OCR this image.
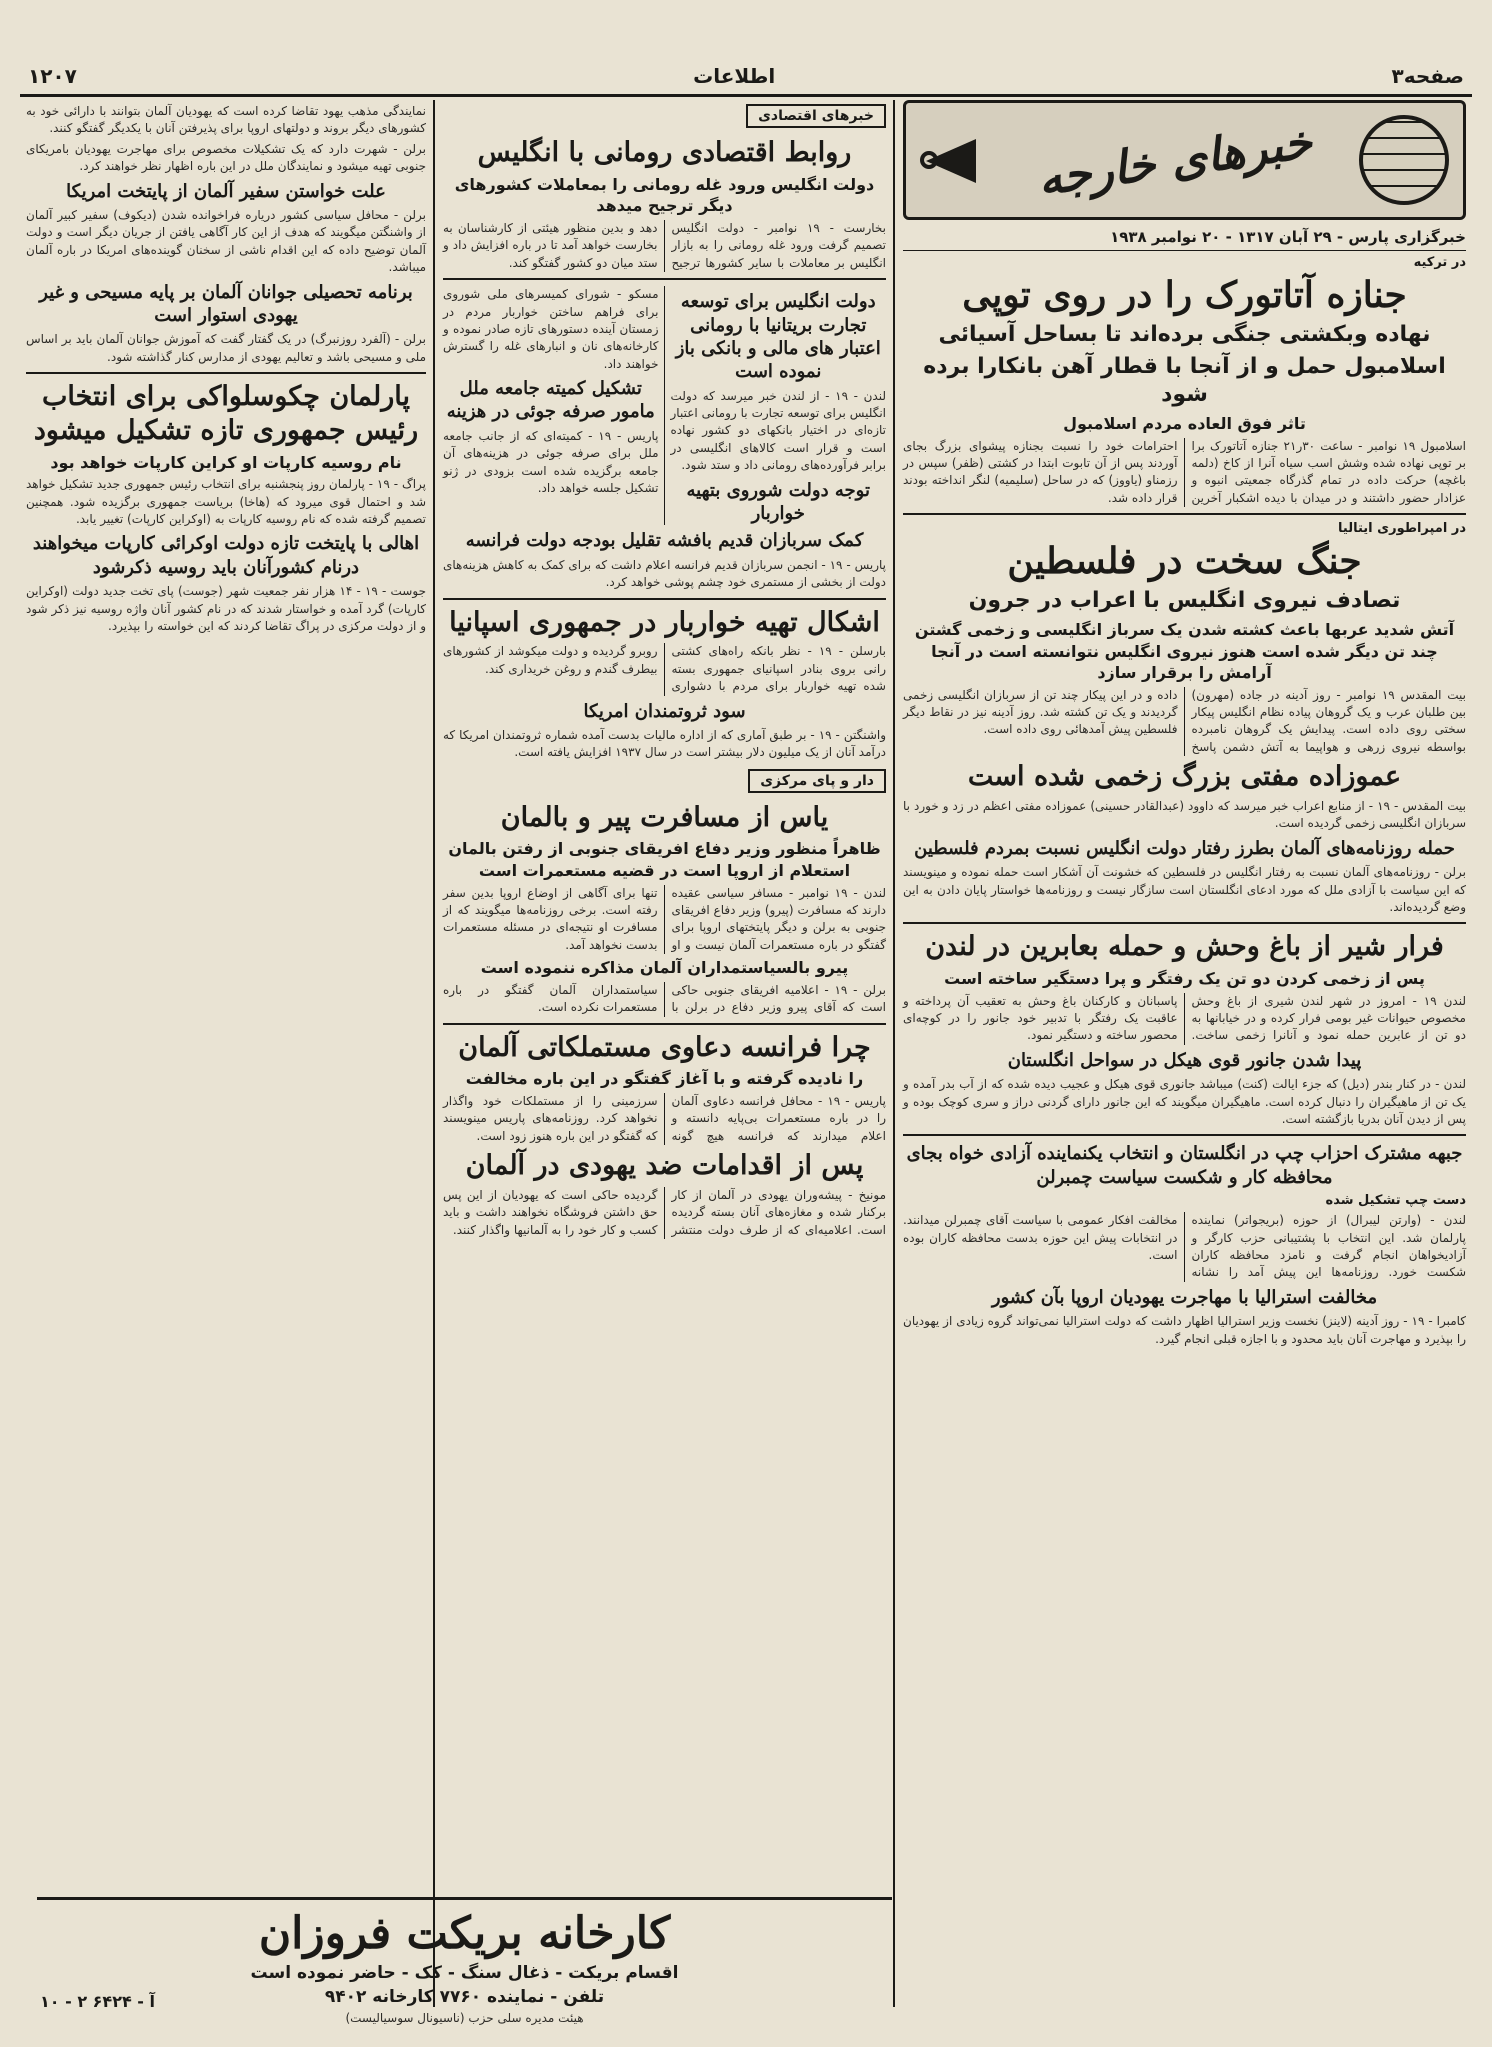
صفحه۳
اطلاعات
۱۲۰۷
خبرهای خارجه
خبرگزاری پارس - ۲۹ آبان ۱۳۱۷ - ۲۰ نوامبر ۱۹۳۸
در ترکیه
جنازه آتاتورک را در روی توپی
نهاده وبکشتی جنگی برده‌اند تا بساحل آسیائی
اسلامبول حمل و از آنجا با قطار آهن بانکارا برده شود
تاثر فوق العاده مردم اسلامبول
اسلامبول ۱۹ نوامبر - ساعت ۳۰ر۲۱ جنازه آتاتورک برا بر توپی نهاده شده وشش اسب سیاه آنرا از کاخ (دلمه باغچه) حرکت داده در تمام گذرگاه جمعیتی انبوه و عزادار حضور داشتند و در میدان با دیده اشکبار آخرین احترامات خود را نسبت بجنازه پیشوای بزرگ بجای آوردند پس از آن تابوت ابتدا در کشتی (ظفر) سپس در رزمناو (یاووز) که در ساحل (سلیمیه) لنگر انداخته بودند قرار داده شد.
در امپراطوری ایتالیا
جنگ سخت در فلسطین
تصادف نیروی انگلیس با اعراب در جرون
آتش شدید عربها باعث کشته شدن یک سرباز انگلیسی و زخمی گشتن چند تن دیگر شده است هنوز نیروی انگلیس نتوانسته است در آنجا آرامش را برقرار سازد
بیت المقدس ۱۹ نوامبر - روز آدینه در جاده (مهرون) بین طلبان عرب و یک گروهان پیاده نظام انگلیس پیکار سختی روی داده است. پیدایش یک گروهان نامبرده بواسطه نیروی زرهی و هواپیما به آتش دشمن پاسخ داده و در این پیکار چند تن از سربازان انگلیسی زخمی گردیدند و یک تن کشته شد. روز آدینه نیز در نقاط دیگر فلسطین پیش آمدهائی روی داده است.
عموزاده مفتی بزرگ زخمی شده است
بیت المقدس - ۱۹ - از منابع اعراب خبر میرسد که داوود (عبدالقادر حسینی) عموزاده مفتی اعظم در زد و خورد با سربازان انگلیسی زخمی گردیده است.
حمله روزنامه‌های آلمان بطرز رفتار دولت انگلیس نسبت بمردم فلسطین
برلن - روزنامه‌های آلمان نسبت به رفتار انگلیس در فلسطین که خشونت آن آشکار است حمله نموده و مینویسند که این سیاست با آزادی ملل که مورد ادعای انگلستان است سازگار نیست و روزنامه‌ها خواستار پایان دادن به این وضع گردیده‌اند.
فرار شیر از باغ وحش و حمله بعابرین در لندن
پس از زخمی کردن دو تن یک رفتگر و پرا دستگیر ساخته است
لندن ۱۹ - امروز در شهر لندن شیری از باغ وحش مخصوص حیوانات غیر بومی فرار کرده و در خیابانها به دو تن از عابرین حمله نمود و آنانرا زخمی ساخت. پاسبانان و کارکنان باغ وحش به تعقیب آن پرداخته و عاقبت یک رفتگر با تدبیر خود جانور را در کوچه‌ای محصور ساخته و دستگیر نمود.
پیدا شدن جانور قوی هیکل در سواحل انگلستان
لندن - در کنار بندر (دیل) که جزء ایالت (کنت) میباشد جانوری قوی هیکل و عجیب دیده شده که از آب بدر آمده و یک تن از ماهیگیران را دنبال کرده است. ماهیگیران میگویند که این جانور دارای گردنی دراز و سری کوچک بوده و پس از دیدن آنان بدریا بازگشته است.
جبهه مشترک احزاب چپ در انگلستان و انتخاب یکنماینده آزادی خواه بجای محافظه کار و شکست سیاست چمبرلن
دست چپ تشکیل شده
لندن - (وارتن لیبرال) از حوزه (بریجواتر) نماینده پارلمان شد. این انتخاب با پشتیبانی حزب کارگر و آزادیخواهان انجام گرفت و نامزد محافظه کاران شکست خورد. روزنامه‌ها این پیش آمد را نشانه مخالفت افکار عمومی با سیاست آقای چمبرلن میدانند. در انتخابات پیش این حوزه بدست محافظه کاران بوده است.
مخالفت استرالیا با مهاجرت یهودیان اروپا بآن کشور
کامبرا - ۱۹ - روز آدینه (لاینز) نخست وزیر استرالیا اظهار داشت که دولت استرالیا نمی‌تواند گروه زیادی از یهودیان را بپذیرد و مهاجرت آنان باید محدود و با اجازه قبلی انجام گیرد.
خبرهای اقتصادی
روابط اقتصادی رومانی با انگلیس
دولت انگلیس ورود غله رومانی را بمعاملات کشورهای دیگر ترجیح میدهد
بخارست - ۱۹ نوامبر - دولت انگلیس تصمیم گرفت ورود غله رومانی را به بازار انگلیس بر معاملات با سایر کشورها ترجیح دهد و بدین منظور هیئتی از کارشناسان به بخارست خواهد آمد تا در باره افزایش داد و ستد میان دو کشور گفتگو کند.
دولت انگلیس برای توسعه تجارت بریتانیا با رومانی اعتبار های مالی و بانکی باز نموده است
لندن - ۱۹ - از لندن خبر میرسد که دولت انگلیس برای توسعه تجارت با رومانی اعتبار تازه‌ای در اختیار بانکهای دو کشور نهاده است و قرار است کالاهای انگلیسی در برابر فرآورده‌های رومانی داد و ستد شود.
توجه دولت شوروی بتهیه خواربار
مسکو - شورای کمیسرهای ملی شوروی برای فراهم ساختن خواربار مردم در زمستان آینده دستورهای تازه صادر نموده و کارخانه‌های نان و انبارهای غله را گسترش خواهند داد.
تشکیل کمیته جامعه ملل مامور صرفه جوئی در هزینه
پاریس - ۱۹ - کمیته‌ای که از جانب جامعه ملل برای صرفه جوئی در هزینه‌های آن جامعه برگزیده شده است بزودی در ژنو تشکیل جلسه خواهد داد.
کمک سربازان قدیم بافشه تقلیل بودجه دولت فرانسه
پاریس - ۱۹ - انجمن سربازان قدیم فرانسه اعلام داشت که برای کمک به کاهش هزینه‌های دولت از بخشی از مستمری خود چشم پوشی خواهد کرد.
اشکال تهیه خواربار در جمهوری اسپانیا
بارسلن - ۱۹ - نظر بانکه راه‌های کشتی رانی بروی بنادر اسپانیای جمهوری بسته شده تهیه خواربار برای مردم با دشواری روبرو گردیده و دولت میکوشد از کشورهای بیطرف گندم و روغن خریداری کند.
سود ثروتمندان امریکا
واشنگتن - ۱۹ - بر طبق آماری که از اداره مالیات بدست آمده شماره ثروتمندان امریکا که درآمد آنان از یک میلیون دلار بیشتر است در سال ۱۹۳۷ افزایش یافته است.
دار و پای مرکزی
یاس از مسافرت پیر و بالمان
ظاهراً منظور وزیر دفاع افریقای جنوبی از رفتن بالمان استعلام از اروپا است در قضیه مستعمرات است
لندن - ۱۹ نوامبر - مسافر سیاسی عقیده دارند که مسافرت (پیرو) وزیر دفاع افریقای جنوبی به برلن و دیگر پایتختهای اروپا برای گفتگو در باره مستعمرات آلمان نیست و او تنها برای آگاهی از اوضاع اروپا بدین سفر رفته است. برخی روزنامه‌ها میگویند که از مسافرت او نتیجه‌ای در مسئله مستعمرات بدست نخواهد آمد.
پیرو بالسیاستمداران آلمان مذاکره ننموده است
برلن - ۱۹ - اعلامیه افریقای جنوبی حاکی است که آقای پیرو وزیر دفاع در برلن با سیاستمداران آلمان گفتگو در باره مستعمرات نکرده است.
چرا فرانسه دعاوی مستملکاتی آلمان
را نادیده گرفته و با آغاز گفتگو در این باره مخالفت
پاریس - ۱۹ - محافل فرانسه دعاوی آلمان را در باره مستعمرات بی‌پایه دانسته و اعلام میدارند که فرانسه هیچ گونه سرزمینی را از مستملکات خود واگذار نخواهد کرد. روزنامه‌های پاریس مینویسند که گفتگو در این باره هنوز زود است.
پس از اقدامات ضد یهودی در آلمان
مونیخ - پیشه‌وران یهودی در آلمان از کار برکنار شده و مغازه‌های آنان بسته گردیده است. اعلامیه‌ای که از طرف دولت منتشر گردیده حاکی است که یهودیان از این پس حق داشتن فروشگاه نخواهند داشت و باید کسب و کار خود را به آلمانیها واگذار کنند.
نمایندگی مذهب یهود تقاضا کرده است که یهودیان آلمان بتوانند با دارائی خود به کشورهای دیگر بروند و دولتهای اروپا برای پذیرفتن آنان با یکدیگر گفتگو کنند.
برلن - شهرت دارد که یک تشکیلات مخصوص برای مهاجرت یهودیان بامریکای جنوبی تهیه میشود و نمایندگان ملل در این باره اظهار نظر خواهند کرد.
علت خواستن سفیر آلمان از پایتخت امریکا
برلن - محافل سیاسی کشور دریاره فراخوانده شدن (دیکوف) سفیر کبیر آلمان از واشنگتن میگویند که هدف از این کار آگاهی یافتن از جریان دیگر است و دولت آلمان توضیح داده که این اقدام ناشی از سخنان گوینده‌های امریکا در باره آلمان میباشد.
برنامه تحصیلی جوانان آلمان بر پایه مسیحی و غیر یهودی استوار است
برلن - (آلفرد روزنبرگ) در یک گفتار گفت که آموزش جوانان آلمان باید بر اساس ملی و مسیحی باشد و تعالیم یهودی از مدارس کنار گذاشته شود.
پارلمان چکوسلواکی برای انتخاب رئیس جمهوری تازه تشکیل میشود
نام روسیه کارپات او کراین کارپات خواهد بود
پراگ - ۱۹ - پارلمان روز پنجشنبه برای انتخاب رئیس جمهوری جدید تشکیل خواهد شد و احتمال قوی میرود که (هاخا) بریاست جمهوری برگزیده شود. همچنین تصمیم گرفته شده که نام روسیه کارپات به (اوکراین کارپات) تغییر یابد.
اهالی با پایتخت تازه دولت اوکرائی کارپات میخواهند درنام کشورآنان باید روسیه ذکرشود
جوست - ۱۹ - ۱۴ هزار نفر جمعیت شهر (جوست) پای تخت جدید دولت (اوکراین کارپات) گرد آمده و خواستار شدند که در نام کشور آنان واژه روسیه نیز ذکر شود و از دولت مرکزی در پراگ تقاضا کردند که این خواسته را بپذیرد.
کارخانه بریکت فروزان
اقسام بریکت - ذغال سنگ - کک - حاضر نموده است
تلفن - نماینده ۷۷۶۰ کارخانه ۹۴۰۲
هیئت مدیره سلی حزب (ناسیونال سوسیالیست)
آ - ۶۴۲۴ ۲ - ۱۰
